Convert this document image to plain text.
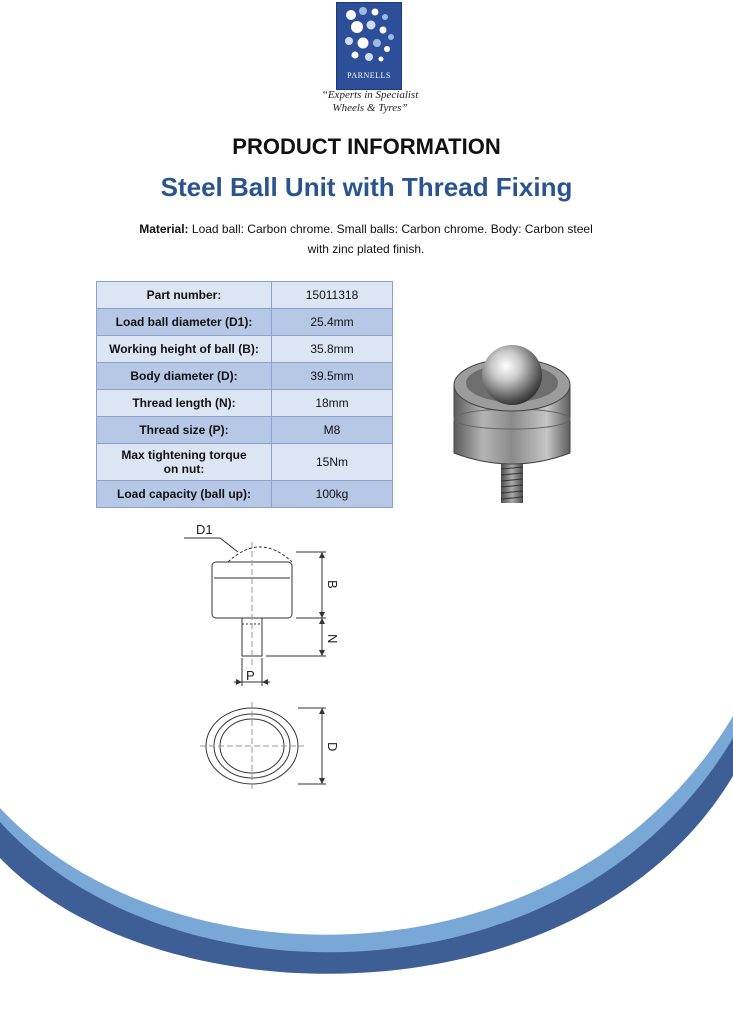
PARNELLS
“Experts in Specialist
Wheels & Tyres”
PRODUCT INFORMATION
Steel Ball Unit with Thread Fixing
Material: Load ball: Carbon chrome. Small balls: Carbon chrome. Body: Carbon steel
with zinc plated finish.
Part number:	15011318
Load ball diameter (D1):	25.4mm
Working height of ball (B):	35.8mm
Body diameter (D):	39.5mm
Thread length (N):	18mm
Thread size (P):	M8

Max tightening torque
on nut:	15Nm
Load capacity (ball up):	100kg
D1
B
N
P
D
